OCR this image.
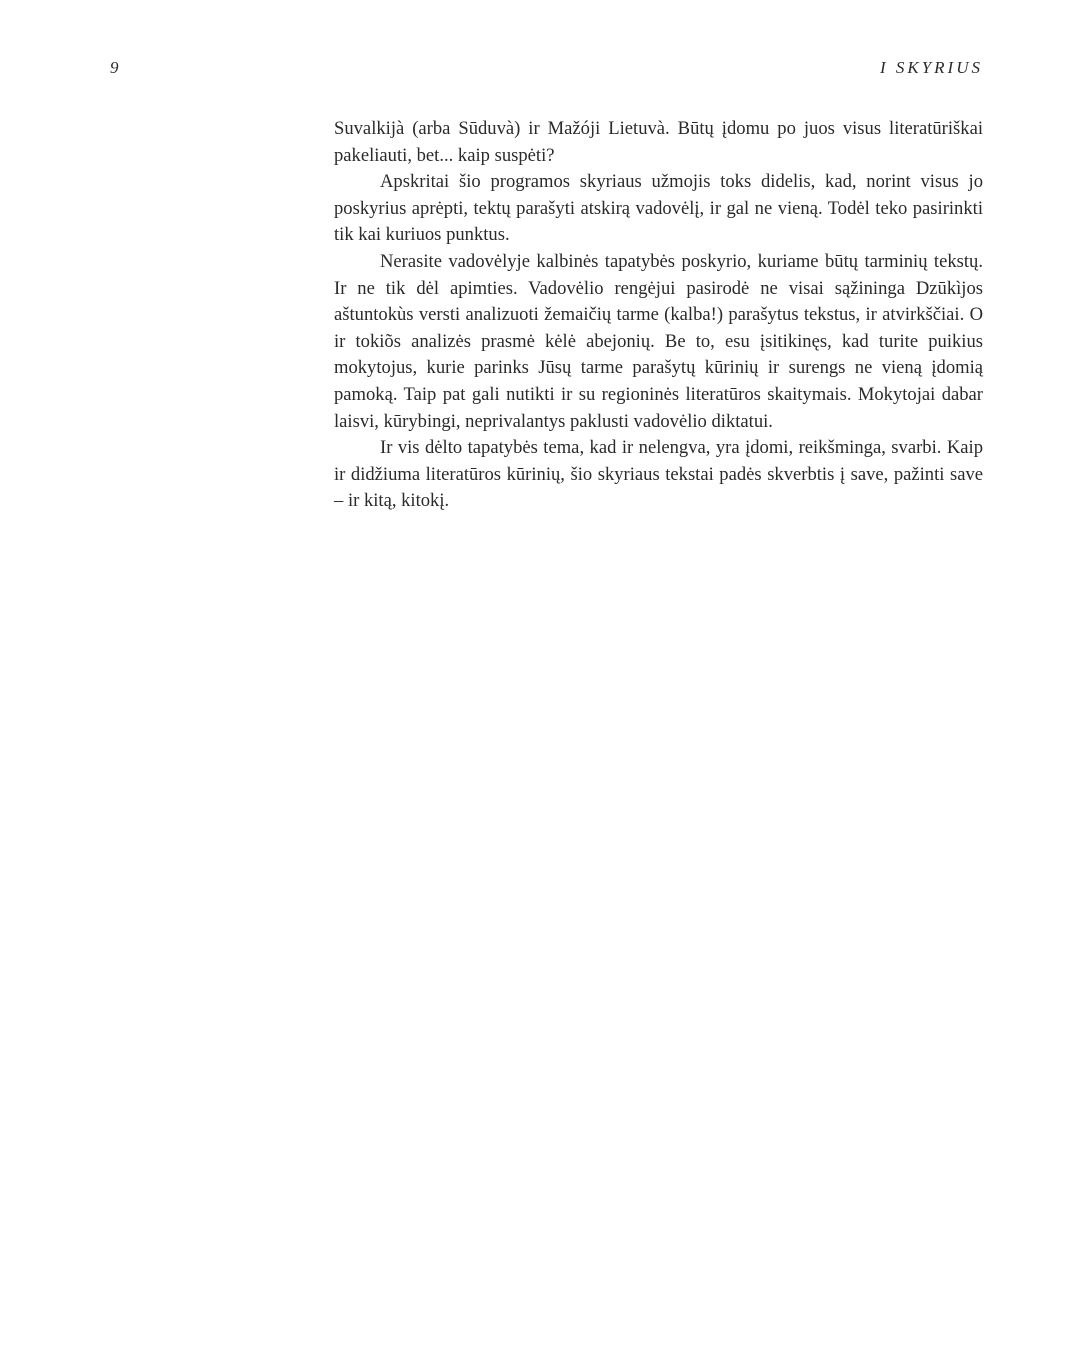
9	I SKYRIUS

Suvalkijà (arba Sūduvà) ir Mažóji Lietuvà. Būtų įdomu po juos visus literatūriškai pakeliauti, bet... kaip suspėti?

Apskritai šio programos skyriaus užmojis toks didelis, kad, norint visus jo poskyrius aprėpti, tektų parašyti atskirą vadovėlį, ir gal ne vieną. Todėl teko pasirinkti tik kai kuriuos punktus.

Nerasite vadovėlyje kalbinės tapatybės poskyrio, kuriame būtų tarminių tekstų. Ir ne tik dėl apimties. Vadovėlio rengėjui pasirodė ne visai sąžininga Dzūkìjos aštuntokùs versti analizuoti žemaičių tarme (kalba!) parašytus tekstus, ir atvirkščiai. O ir tokiõs analizės prasmė kėlė abejonių. Be to, esu įsitikinęs, kad turite puikius mokytojus, kurie parinks Jūsų tarme parašytų kūrinių ir surengs ne vieną įdomią pamoką. Taip pat gali nutikti ir su regioninės literatūros skaitymais. Mokytojai dabar laisvi, kūrybingi, neprivalantys paklusti vadovėlio diktatui.

Ir vis dėlto tapatybės tema, kad ir nelengva, yra įdomi, reikšminga, svarbi. Kaip ir didžiuma literatūros kūrinių, šio skyriaus tekstai padės skverbtis į save, pažinti save – ir kitą, kitokį.
